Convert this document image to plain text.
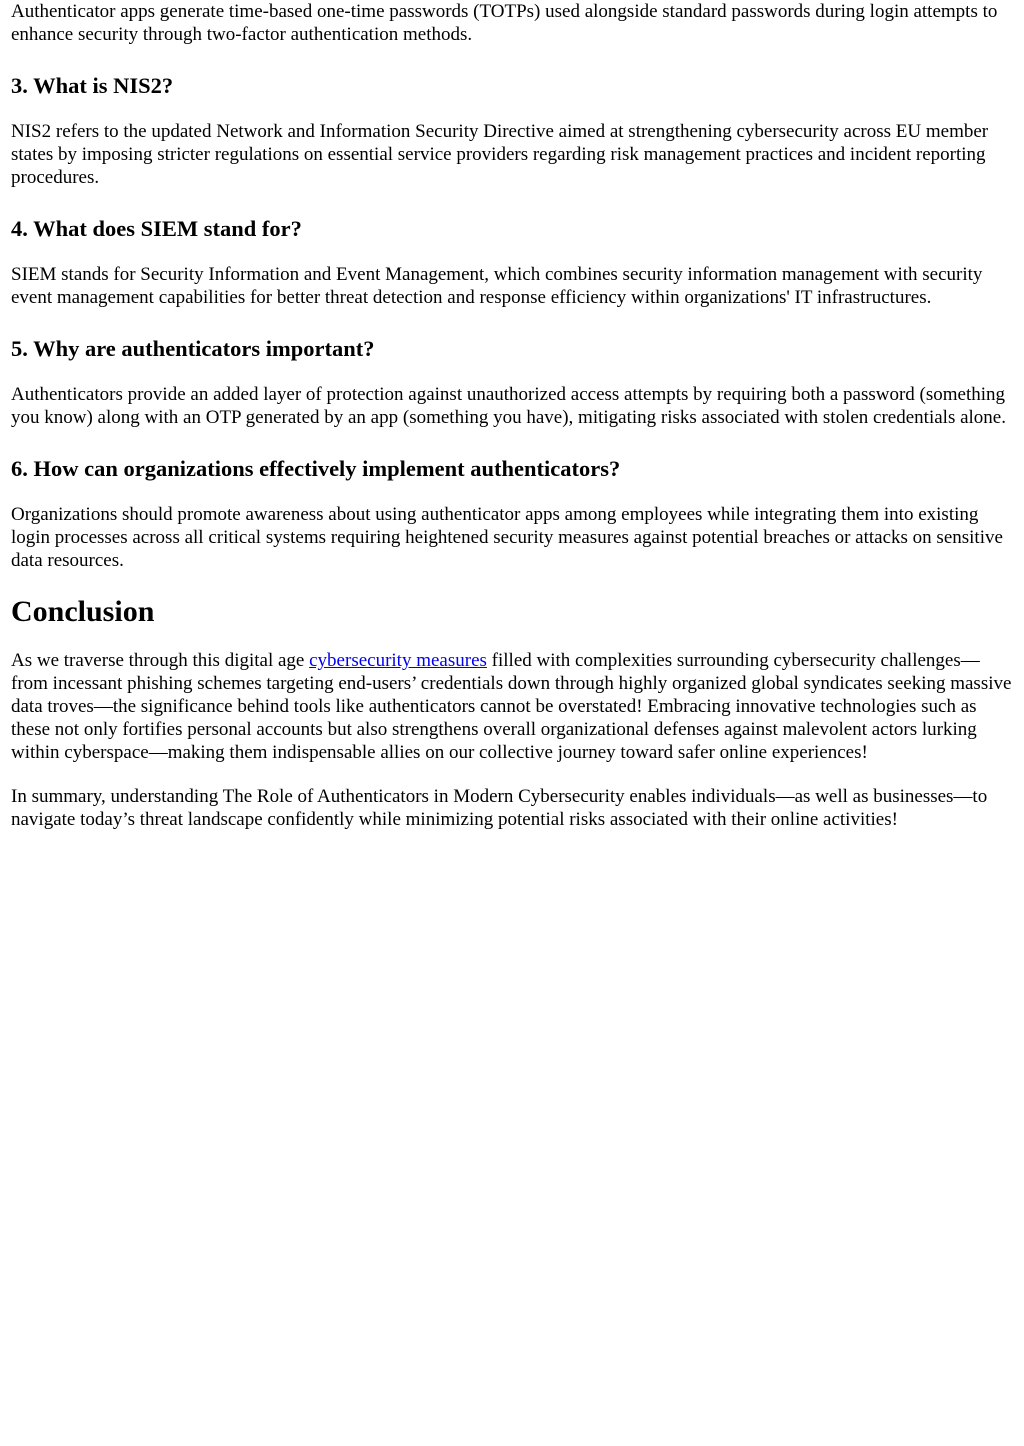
Authenticator apps generate time-based one-time passwords (TOTPs) used alongside standard passwords during login attempts to enhance security through two-factor authentication methods.

3. What is NIS2?

NIS2 refers to the updated Network and Information Security Directive aimed at strengthening cybersecurity across EU member states by imposing stricter regulations on essential service providers regarding risk management practices and incident reporting procedures.

4. What does SIEM stand for?

SIEM stands for Security Information and Event Management, which combines security information management with security event management capabilities for better threat detection and response efficiency within organizations' IT infrastructures.

5. Why are authenticators important?

Authenticators provide an added layer of protection against unauthorized access attempts by requiring both a password (something you know) along with an OTP generated by an app (something you have), mitigating risks associated with stolen credentials alone.

6. How can organizations effectively implement authenticators?

Organizations should promote awareness about using authenticator apps among employees while integrating them into existing login processes across all critical systems requiring heightened security measures against potential breaches or attacks on sensitive data resources.

Conclusion

As we traverse through this digital age cybersecurity measures filled with complexities surrounding cybersecurity challenges—from incessant phishing schemes targeting end-users’ credentials down through highly organized global syndicates seeking massive data troves—the significance behind tools like authenticators cannot be overstated! Embracing innovative technologies such as these not only fortifies personal accounts but also strengthens overall organizational defenses against malevolent actors lurking within cyberspace—making them indispensable allies on our collective journey toward safer online experiences!

In summary, understanding The Role of Authenticators in Modern Cybersecurity enables individuals—as well as businesses—to navigate today’s threat landscape confidently while minimizing potential risks associated with their online activities!
